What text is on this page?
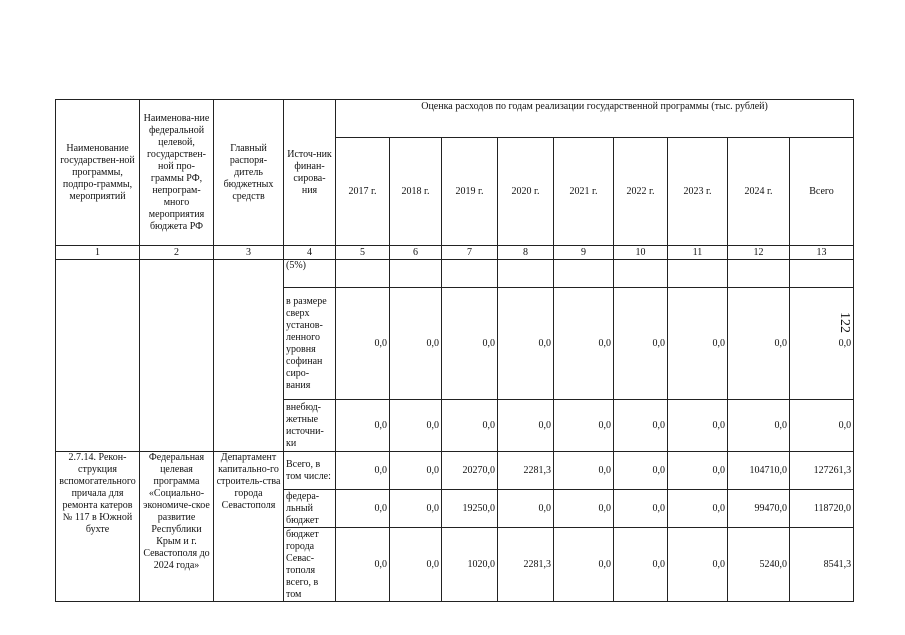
122
Наименование государствен-ной программы, подпро-граммы, мероприятий	Наименова-ние федеральной целевой, государствен-ной про-граммы РФ, непрограм-много мероприятия бюджета РФ	Главный распоря-дитель бюджетных средств	Источ-ник финан-сирова-ния	Оценка расходов по годам реализации государственной программы (тыс. рублей)								
				2017 г.	2018 г.	2019 г.	2020 г.	2021 г.	2022 г.	2023 г.	2024 г.	Всего
1	2	3	4	5	6	7	8	9	10	11	12	13
			(5%)									
			в размере сверх установ-ленного уровня софинан сиро-вания	0,0	0,0	0,0	0,0	0,0	0,0	0,0	0,0	0,0
			внебюд-жетные источни-ки	0,0	0,0	0,0	0,0	0,0	0,0	0,0	0,0	0,0
2.7.14. Рекон-струкция вспомогательного причала для ремонта катеров № 117 в Южной бухте	Федеральная целевая программа «Социально-экономиче-ское развитие Республики Крым и г. Севастополя до 2024 года»	Департамент капитально-го строитель-ства города Севастополя	Всего, в том числе:	0,0	0,0	20270,0	2281,3	0,0	0,0	0,0	104710,0	127261,3
			федера-льный бюджет	0,0	0,0	19250,0	0,0	0,0	0,0	0,0	99470,0	118720,0
			бюджет города Севас-тополя всего, в том	0,0	0,0	1020,0	2281,3	0,0	0,0	0,0	5240,0	8541,3
